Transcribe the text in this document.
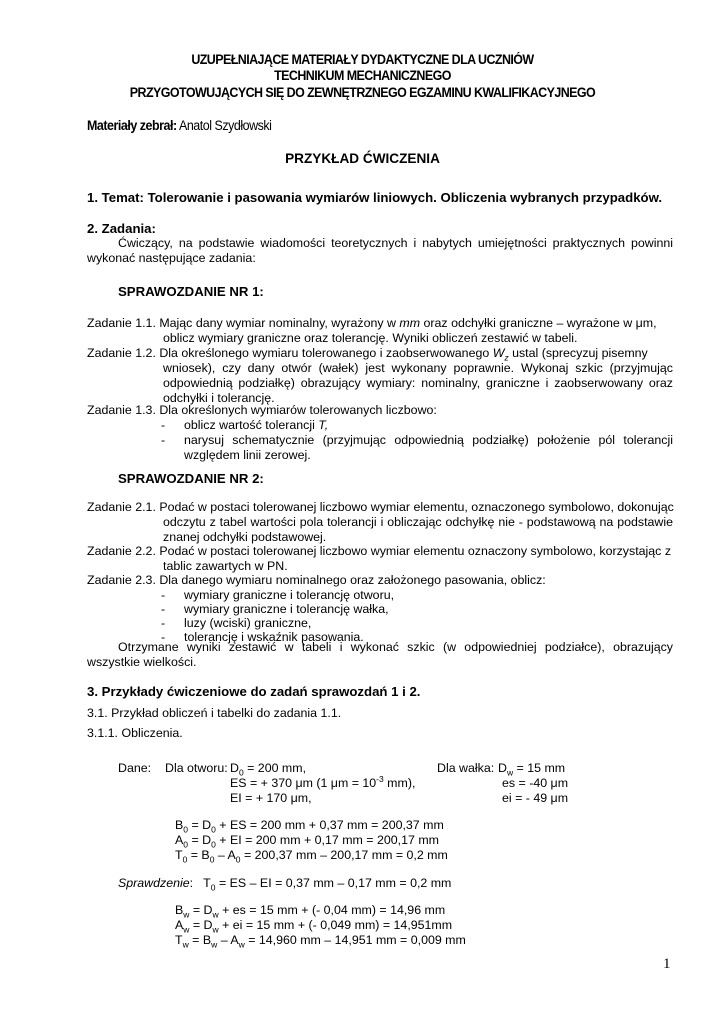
UZUPEŁNIAJĄCE MATERIAŁY DYDAKTYCZNE DLA UCZNIÓW
TECHNIKUM MECHANICZNEGO
PRZYGOTOWUJĄCYCH SIĘ DO ZEWNĘTRZNEGO EGZAMINU KWALIFIKACYJNEGO
Materiały zebrał: Anatol Szydłowski
PRZYKŁAD ĆWICZENIA
1. Temat: Tolerowanie i pasowania wymiarów liniowych. Obliczenia wybranych przypadków.
2. Zadania:
Ćwiczący, na podstawie wiadomości teoretycznych i nabytych umiejętności praktycznych powinni wykonać następujące zadania:
SPRAWOZDANIE NR 1:
Zadanie 1.1. Mając dany wymiar nominalny, wyrażony w mm oraz odchyłki graniczne – wyrażone w μm,
oblicz wymiary graniczne oraz tolerancję. Wyniki obliczeń zestawić w tabeli.
Zadanie 1.2. Dla określonego wymiaru tolerowanego i zaobserwowanego $W_z$ ustal (sprecyzuj pisemny
wniosek), czy dany otwór (wałek) jest wykonany poprawnie. Wykonaj szkic (przyjmując odpowiednią podziałkę) obrazujący wymiary: nominalny, graniczne i zaobserwowany oraz odchyłki i tolerancję.
Zadanie 1.3. Dla określonych wymiarów tolerowanych liczbowo:
- oblicz wartość tolerancji T,
- narysuj schematycznie (przyjmując odpowiednią podziałkę) położenie pól tolerancji względem linii zerowej.
SPRAWOZDANIE NR 2:
Zadanie 2.1. Podać w postaci tolerowanej liczbowo wymiar elementu, oznaczonego symbolowo, dokonując
odczytu z tabel wartości pola tolerancji i obliczając odchyłkę nie - podstawową na podstawie znanej odchyłki podstawowej.
Zadanie 2.2. Podać w postaci tolerowanej liczbowo wymiar elementu oznaczony symbolowo, korzystając z
tablic zawartych w PN.
Zadanie 2.3. Dla danego wymiaru nominalnego oraz założonego pasowania, oblicz:
- wymiary graniczne i tolerancję otworu,
- wymiary graniczne i tolerancję wałka,
- luzy (wciski) graniczne,
- tolerancję i wskaźnik pasowania.
Otrzymane wyniki zestawić w tabeli i wykonać szkic (w odpowiedniej podziałce), obrazujący wszystkie wielkości.
3. Przykłady ćwiczeniowe do zadań sprawozdań 1 i 2.
3.1. Przykład obliczeń i tabelki do zadania 1.1.
3.1.1. Obliczenia.
Dane: Dla otworu: $D_0 = 200$ mm,
ES = + 370 μm (1 $\mu m = 10^{-3}$ mm),
EI = + 170 μm,
Dla wałka: $D_w = 15$ mm
es = -40 μm
ei = - 49 μm
$B_0 = D_0$ + ES = 200 mm + 0,37 mm = 200,37 mm
$A_0 = D_0$ + EI = 200 mm + 0,17 mm = 200,17 mm
$T_0 = B_0 - A_0 = 200,37$ mm – 200,17 mm = 0,2 mm
Sprawdzenie:   $T_0$ = ES – EI = 0,37 mm – 0,17 mm = 0,2 mm
$B_w = D_w$ + es = 15 mm + (- 0,04 mm) = 14,96 mm
$A_w = D_w$ + ei = 15 mm + (- 0,049 mm) = 14,951mm
$T_w = B_w - A_w = 14,960$ mm – 14,951 mm = 0,009 mm
1
